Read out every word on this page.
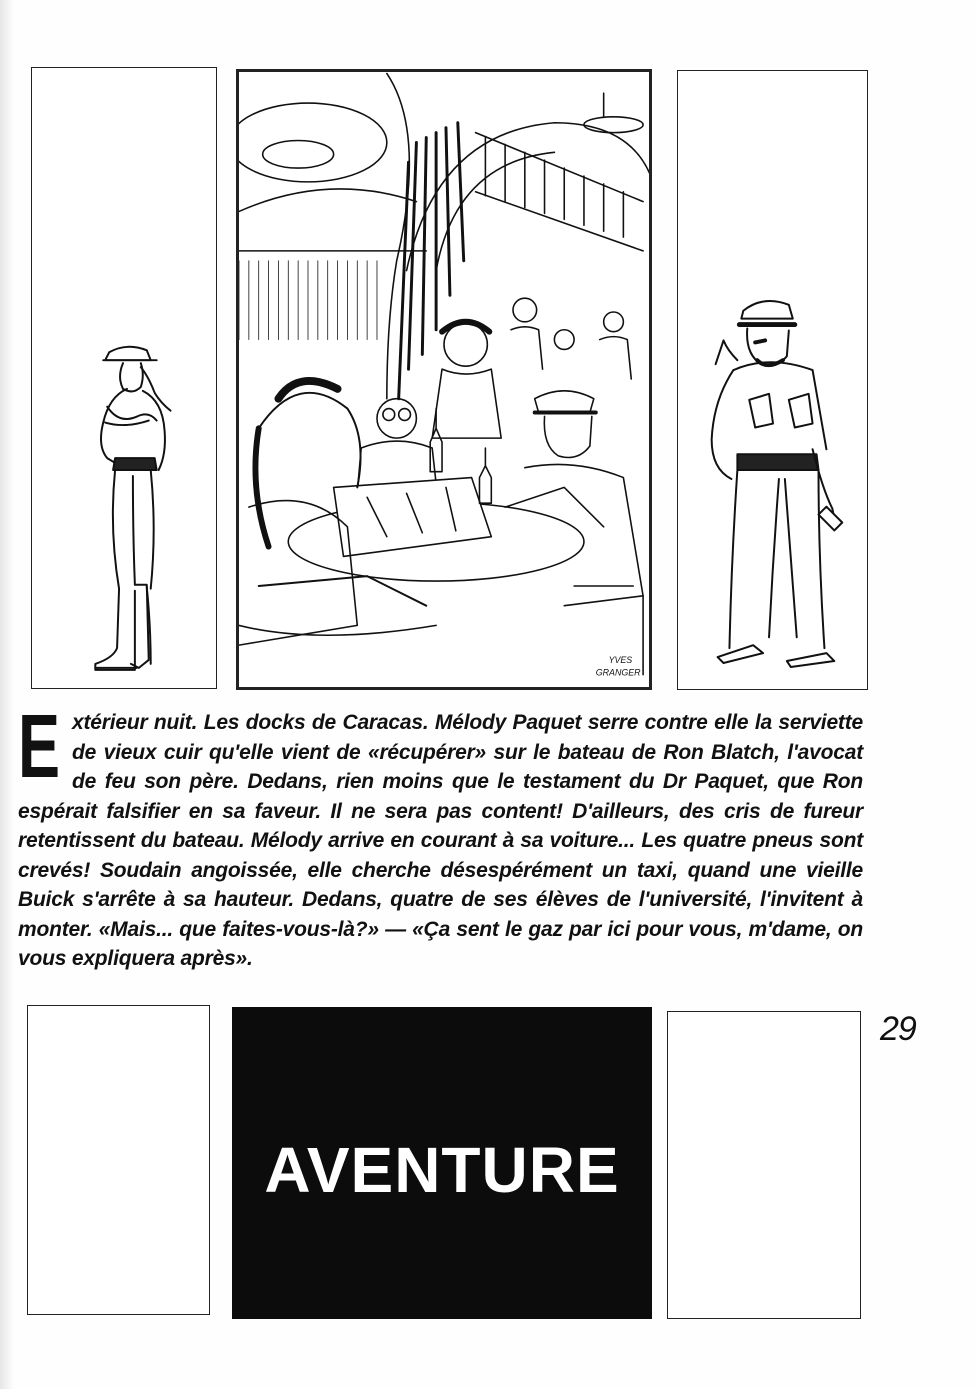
YVES
GRANGER
E xtérieur nuit. Les docks de Caracas. Mélody Paquet serre contre elle la serviette de vieux cuir qu'elle vient de «récupérer» sur le bateau de Ron Blatch, l'avocat de feu son père. Dedans, rien moins que le testament du Dr Paquet, que Ron espérait falsifier en sa faveur. Il ne sera pas content! D'ailleurs, des cris de fureur retentissent du bateau. Mélody arrive en courant à sa voiture... Les quatre pneus sont crevés! Soudain angoissée, elle cherche désespérément un taxi, quand une vieille Buick s'arrête à sa hauteur. Dedans, quatre de ses élèves de l'université, l'invitent à monter. «Mais... que faites-vous-là?» — «Ça sent le gaz par ici pour vous, m'dame, on vous expliquera après».
29
AVENTURE
